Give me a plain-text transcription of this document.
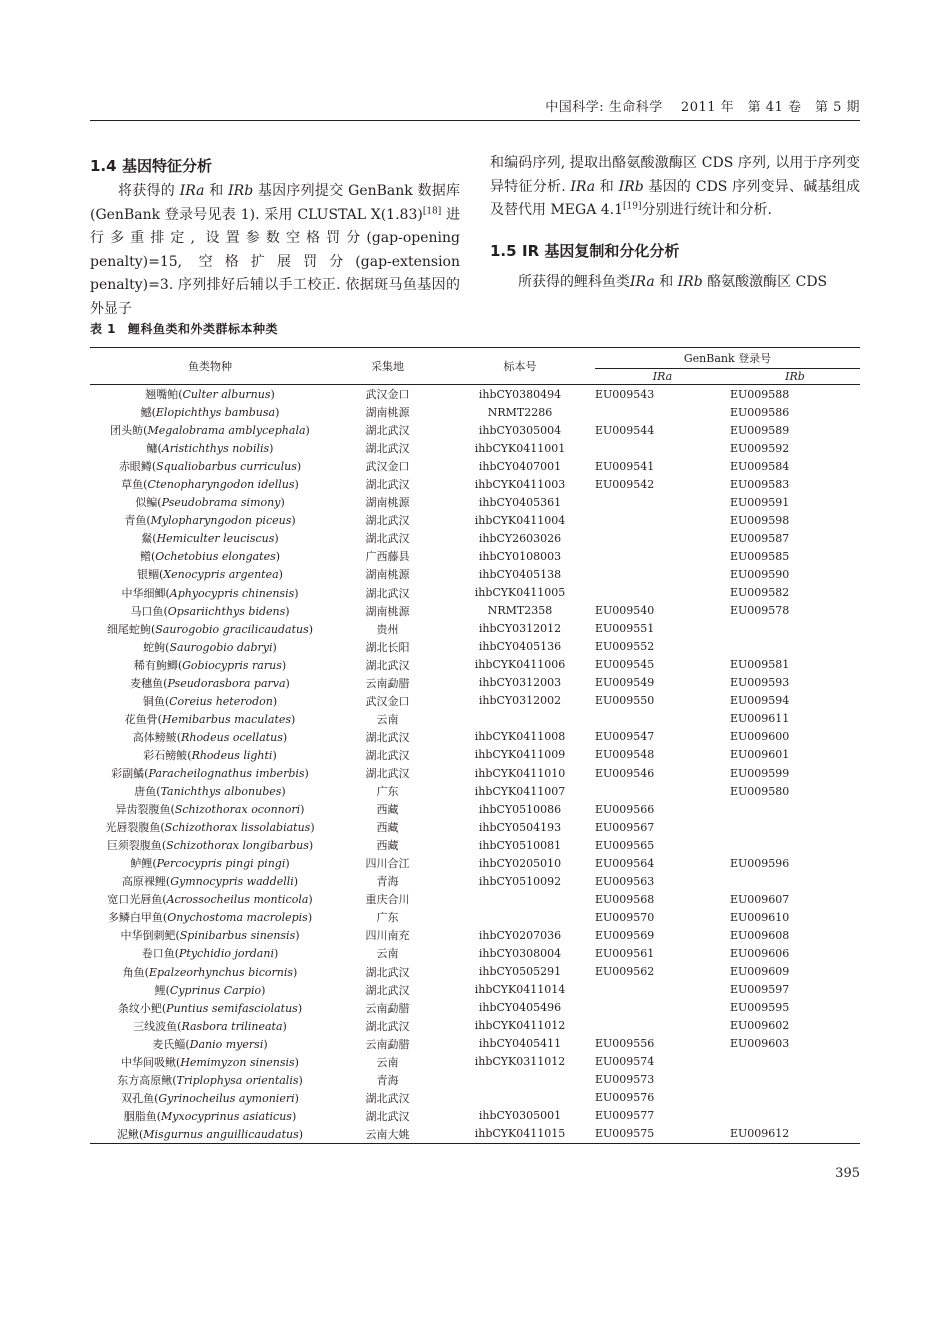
中国科学: 生命科学　 2011 年　第 41 卷　第 5 期
1.4 基因特征分析

将获得的 IRa 和 IRb 基因序列提交 GenBank 数据库(GenBank 登录号见表 1). 采用 CLUSTAL X(1.83)[18] 进行多重排定, 设置参数空格罚分(gap-opening penalty)=15, 空格扩展罚分(gap-extension penalty)=3. 序列排好后辅以手工校正. 依据斑马鱼基因的外显子

和编码序列, 提取出酪氨酸激酶区 CDS 序列, 以用于序列变异特征分析. IRa 和 IRb 基因的 CDS 序列变异、碱基组成及替代用 MEGA 4.1[19]分别进行统计和分析.

1.5 IR 基因复制和分化分析

所获得的鲤科鱼类IRa 和 IRb 酪氨酸激酶区 CDS

表 1 鲤科鱼类和外类群标本种类
鱼类物种	采集地	标本号	GenBank 登录号	
			IRa	IRb
翘嘴鲌(Culter alburnus)	武汉金口	ihbCY0380494	EU009543	EU009588
鳡(Elopichthys bambusa)	湖南桃源	NRMT2286		EU009586
团头鲂(Megalobrama amblycephala)	湖北武汉	ihbCY0305004	EU009544	EU009589
鳙(Aristichthys nobilis)	湖北武汉	ihbCYK0411001		EU009592
赤眼鳟(Squaliobarbus curriculus)	武汉金口	ihbCY0407001	EU009541	EU009584
草鱼(Ctenopharyngodon idellus)	湖北武汉	ihbCYK0411003	EU009542	EU009583
似鳊(Pseudobrama simony)	湖南桃源	ihbCY0405361		EU009591
青鱼(Mylopharyngodon piceus)	湖北武汉	ihbCYK0411004		EU009598
䱗(Hemiculter leuciscus)	湖北武汉	ihbCY2603026		EU009587
鳤(Ochetobius elongates)	广西藤县	ihbCY0108003		EU009585
银鲴(Xenocypris argentea)	湖南桃源	ihbCY0405138		EU009590
中华细鲫(Aphyocypris chinensis)	湖北武汉	ihbCYK0411005		EU009582
马口鱼(Opsariichthys bidens)	湖南桃源	NRMT2358	EU009540	EU009578
细尾蛇鮈(Saurogobio gracilicaudatus)	贵州	ihbCY0312012	EU009551	
蛇鮈(Saurogobio dabryi)	湖北长阳	ihbCY0405136	EU009552	
稀有鮈鲫(Gobiocypris rarus)	湖北武汉	ihbCYK0411006	EU009545	EU009581
麦穗鱼(Pseudorasbora parva)	云南勐腊	ihbCY0312003	EU009549	EU009593
铜鱼(Coreius heterodon)	武汉金口	ihbCY0312002	EU009550	EU009594
花鱼骨(Hemibarbus maculates)	云南			EU009611
高体鳑鲏(Rhodeus ocellatus)	湖北武汉	ihbCYK0411008	EU009547	EU009600
彩石鳑鲏(Rhodeus lighti)	湖北武汉	ihbCYK0411009	EU009548	EU009601
彩副鱊(Paracheilognathus imberbis)	湖北武汉	ihbCYK0411010	EU009546	EU009599
唐鱼(Tanichthys albonubes)	广东	ihbCYK0411007		EU009580
异齿裂腹鱼(Schizothorax oconnori)	西藏	ihbCY0510086	EU009566	
光唇裂腹鱼(Schizothorax lissolabiatus)	西藏	ihbCY0504193	EU009567	
巨须裂腹鱼(Schizothorax longibarbus)	西藏	ihbCY0510081	EU009565	
鲈鲤(Percocypris pingi pingi)	四川合江	ihbCY0205010	EU009564	EU009596
高原裸鲤(Gymnocypris waddelli)	青海	ihbCY0510092	EU009563	
宽口光唇鱼(Acrossocheilus monticola)	重庆合川		EU009568	EU009607
多鳞白甲鱼(Onychostoma macrolepis)	广东		EU009570	EU009610
中华倒刺鲃(Spinibarbus sinensis)	四川南充	ihbCY0207036	EU009569	EU009608
卷口鱼(Ptychidio jordani)	云南	ihbCY0308004	EU009561	EU009606
角鱼(Epalzeorhynchus bicornis)	湖北武汉	ihbCY0505291	EU009562	EU009609
鲤(Cyprinus Carpio)	湖北武汉	ihbCYK0411014		EU009597
条纹小鲃(Puntius semifasciolatus)	云南勐腊	ihbCY0405496		EU009595
三线波鱼(Rasbora trilineata)	湖北武汉	ihbCYK0411012		EU009602
麦氏鲻(Danio myersi)	云南勐腊	ihbCY0405411	EU009556	EU009603
中华间吸鳅(Hemimyzon sinensis)	云南	ihbCYK0311012	EU009574	
东方高原鳅(Triplophysa orientalis)	青海		EU009573	
双孔鱼(Gyrinocheilus aymonieri)	湖北武汉		EU009576	
胭脂鱼(Myxocyprinus asiaticus)	湖北武汉	ihbCY0305001	EU009577	
泥鳅(Misgurnus anguillicaudatus)	云南大姚	ihbCYK0411015	EU009575	EU009612
395
